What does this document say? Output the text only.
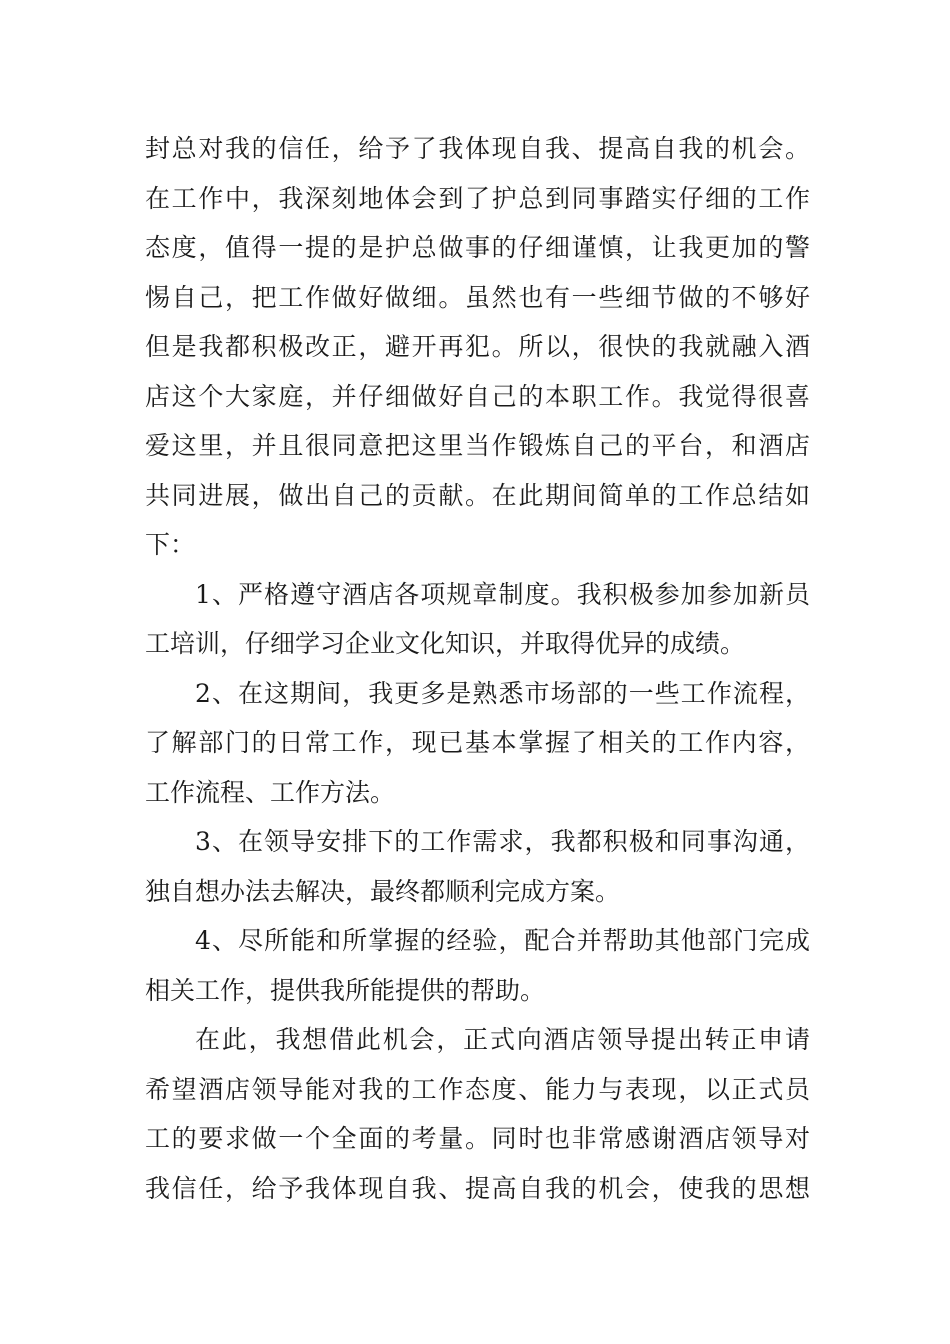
封总对我的信任，给予了我体现自我、提高自我的机会。
在工作中，我深刻地体会到了护总到同事踏实仔细的工作
态度，值得一提的是护总做事的仔细谨慎，让我更加的警
惕自己，把工作做好做细。虽然也有一些细节做的不够好
但是我都积极改正，避开再犯。所以，很快的我就融入酒
店这个大家庭，并仔细做好自己的本职工作。我觉得很喜
爱这里，并且很同意把这里当作锻炼自己的平台，和酒店
共同进展，做出自己的贡献。在此期间简单的工作总结如
下：
1、严格遵守酒店各项规章制度。我积极参加参加新员
工培训，仔细学习企业文化知识，并取得优异的成绩。
2、在这期间，我更多是熟悉市场部的一些工作流程，
了解部门的日常工作，现已基本掌握了相关的工作内容，
工作流程、工作方法。
3、在领导安排下的工作需求，我都积极和同事沟通，
独自想办法去解决，最终都顺利完成方案。
4、尽所能和所掌握的经验，配合并帮助其他部门完成
相关工作，提供我所能提供的帮助。
在此，我想借此机会，正式向酒店领导提出转正申请
希望酒店领导能对我的工作态度、能力与表现，以正式员
工的要求做一个全面的考量。同时也非常感谢酒店领导对
我信任，给予我体现自我、提高自我的机会，使我的思想
